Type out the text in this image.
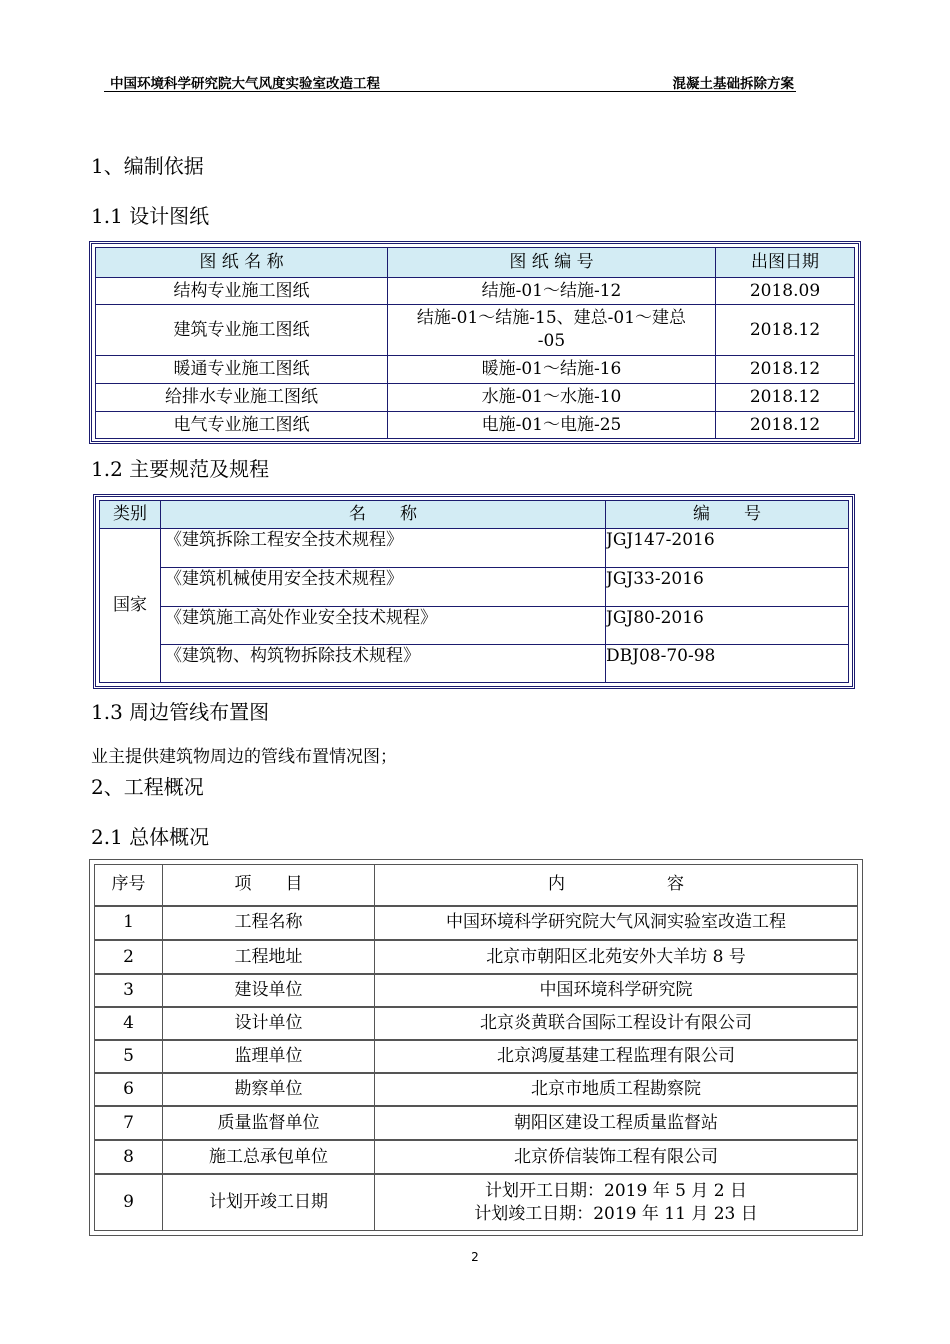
中国环境科学研究院大气风度实验室改造工程	混凝土基础拆除方案
1、编制依据
1.1 设计图纸
图 纸 名 称	图 纸 编 号	出图日期
结构专业施工图纸	结施-01～结施-12	2018.09
建筑专业施工图纸	结施-01～结施-15、建总-01～建总
-05	2018.12
暖通专业施工图纸	暖施-01～结施-16	2018.12
给排水专业施工图纸	水施-01～水施-10	2018.12
电气专业施工图纸	电施-01～电施-25	2018.12
1.2 主要规范及规程
类别	名　　称	编　　号
国家	《建筑拆除工程安全技术规程》	JGJ147-2016
	《建筑机械使用安全技术规程》	JGJ33-2016
	《建筑施工高处作业安全技术规程》	JGJ80-2016
	《建筑物、构筑物拆除技术规程》	DBJ08-70-98
1.3 周边管线布置图
业主提供建筑物周边的管线布置情况图；
2、工程概况
2.1 总体概况
序号	项　　目	内　　　　　　容
1	工程名称	中国环境科学研究院大气风洞实验室改造工程
2	工程地址	北京市朝阳区北苑安外大羊坊 8 号
3	建设单位	中国环境科学研究院
4	设计单位	北京炎黄联合国际工程设计有限公司
5	监理单位	北京鸿厦基建工程监理有限公司
6	勘察单位	北京市地质工程勘察院
7	质量监督单位	朝阳区建设工程质量监督站
8	施工总承包单位	北京侨信装饰工程有限公司
9	计划开竣工日期	计划开工日期：2019 年 5 月 2 日
计划竣工日期：2019 年 11 月 23 日
2
